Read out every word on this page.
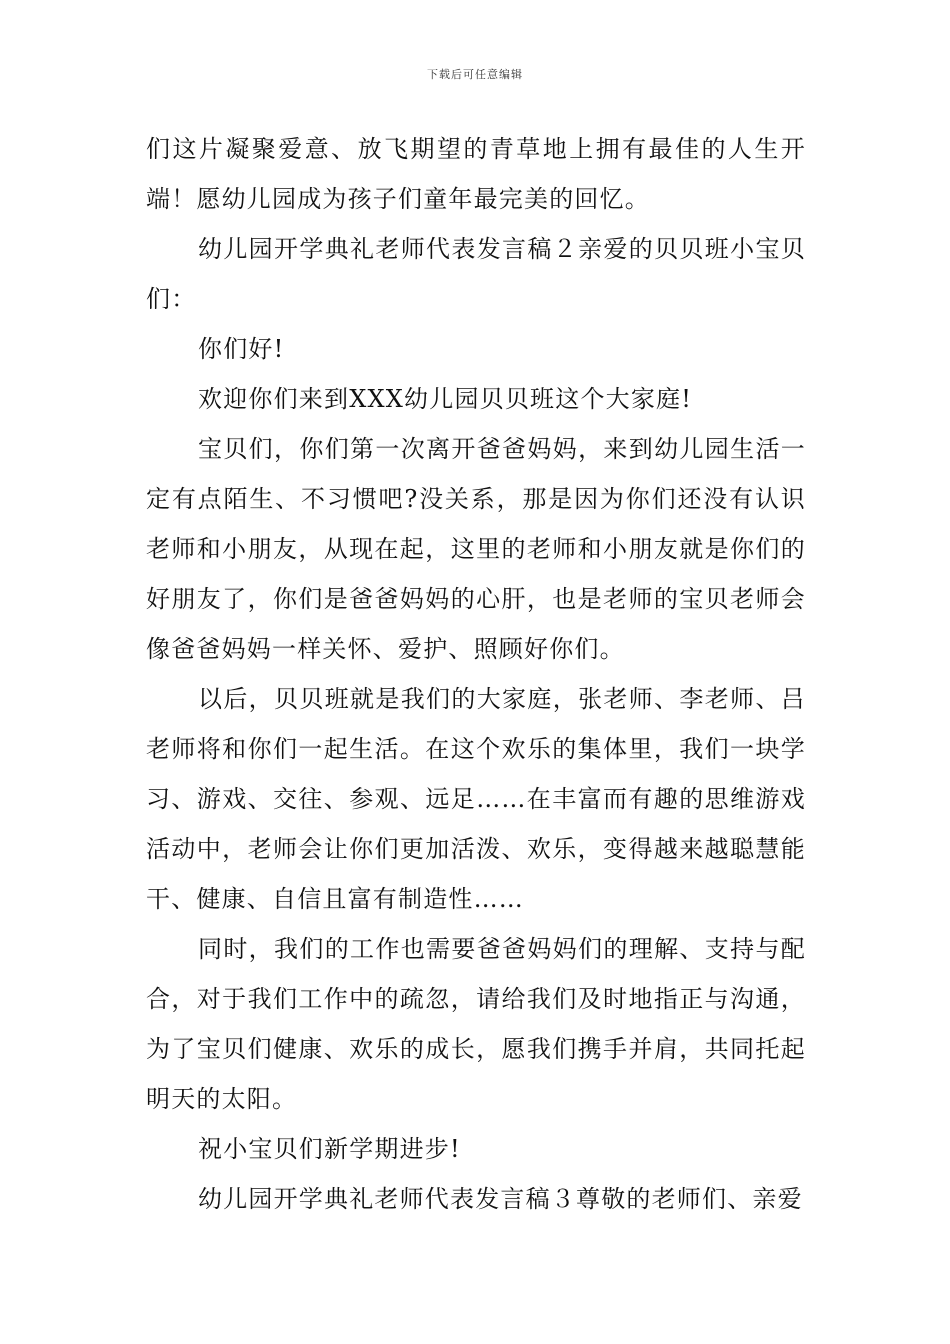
下载后可任意编辑

们这片凝聚爱意、放飞期望的青草地上拥有最佳的人生开端！愿幼儿园成为孩子们童年最完美的回忆。

幼儿园开学典礼老师代表发言稿２亲爱的贝贝班小宝贝们：

你们好!

欢迎你们来到XXX幼儿园贝贝班这个大家庭!

宝贝们，你们第一次离开爸爸妈妈，来到幼儿园生活一定有点陌生、不习惯吧?没关系，那是因为你们还没有认识老师和小朋友，从现在起，这里的老师和小朋友就是你们的好朋友了，你们是爸爸妈妈的心肝，也是老师的宝贝老师会像爸爸妈妈一样关怀、爱护、照顾好你们。

以后，贝贝班就是我们的大家庭，张老师、李老师、吕老师将和你们一起生活。在这个欢乐的集体里，我们一块学习、游戏、交往、参观、远足……在丰富而有趣的思维游戏活动中，老师会让你们更加活泼、欢乐，变得越来越聪慧能干、健康、自信且富有制造性……

同时，我们的工作也需要爸爸妈妈们的理解、支持与配合，对于我们工作中的疏忽，请给我们及时地指正与沟通，为了宝贝们健康、欢乐的成长，愿我们携手并肩，共同托起明天的太阳。

祝小宝贝们新学期进步!

幼儿园开学典礼老师代表发言稿３尊敬的老师们、亲爱
